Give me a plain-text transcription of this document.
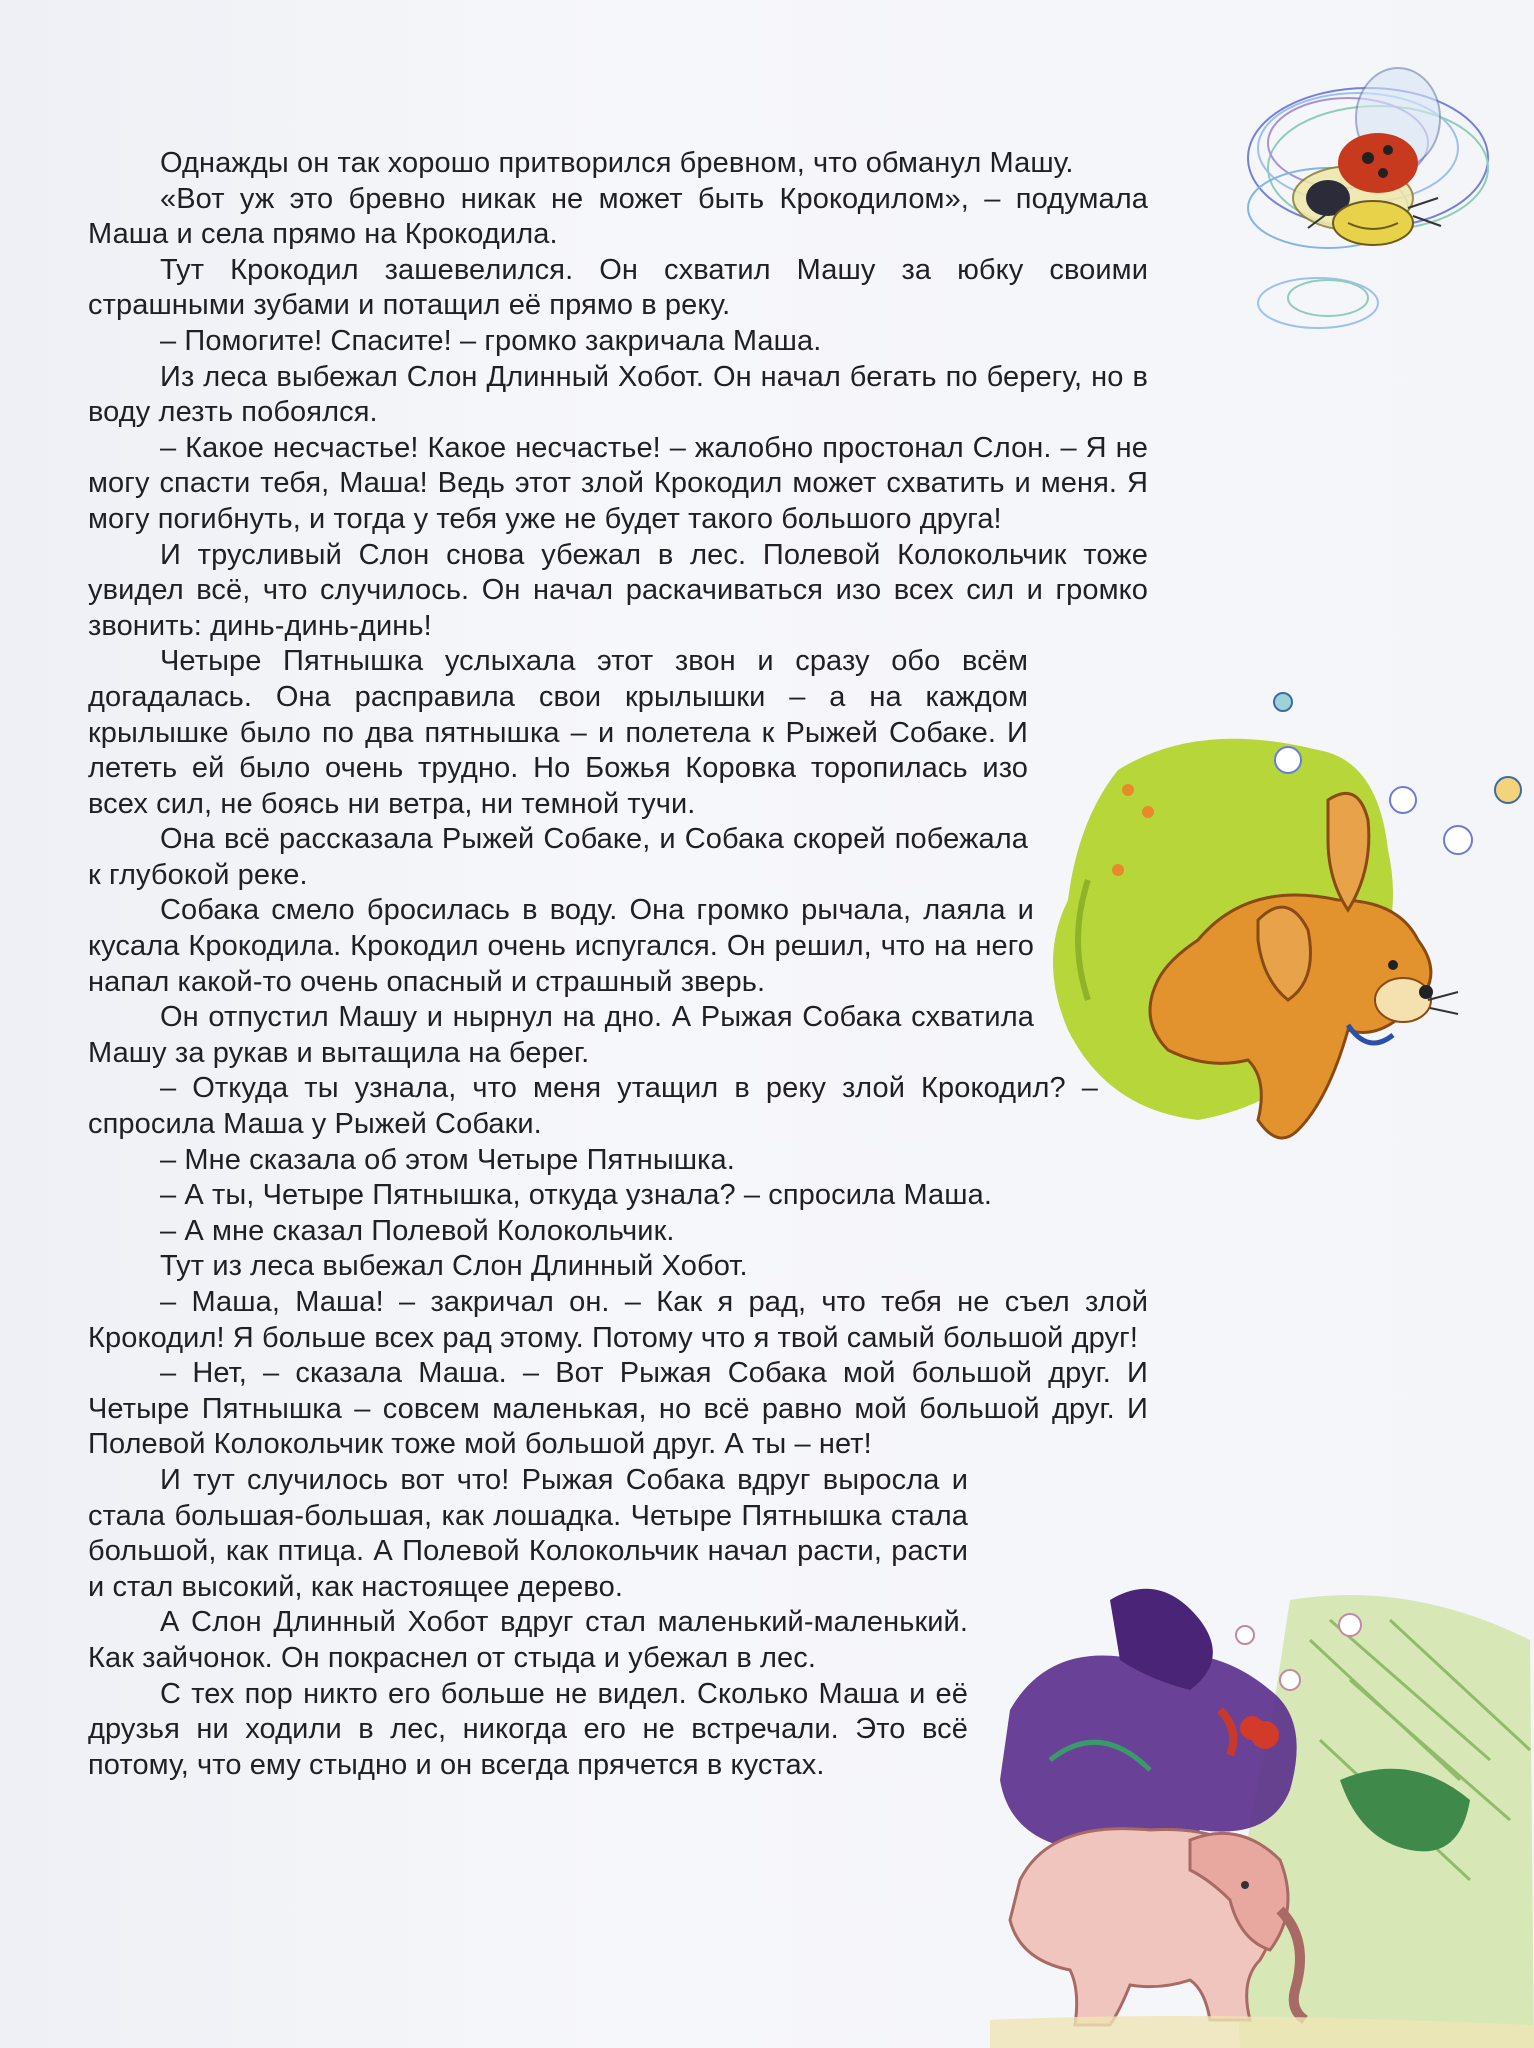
Однажды он так хорошо притворился бревном, что обманул Машу.

«Вот уж это бревно никак не может быть Крокодилом», – подумала Маша и села прямо на Крокодила.

Тут Крокодил зашевелился. Он схватил Машу за юбку своими страшными зубами и потащил её прямо в реку.

– Помогите! Спасите! – громко закричала Маша.

Из леса выбежал Слон Длинный Хобот. Он начал бегать по берегу, но в воду лезть побоялся.

– Какое несчастье! Какое несчастье! – жалобно простонал Слон. – Я не могу спасти тебя, Маша! Ведь этот злой Крокодил может схватить и меня. Я могу погибнуть, и тогда у тебя уже не будет такого большого друга!

И трусливый Слон снова убежал в лес. Полевой Колокольчик тоже увидел всё, что случилось. Он начал раскачиваться изо всех сил и громко звонить: динь-динь-динь!

Четыре Пятнышка услыхала этот звон и сразу обо всём догадалась. Она расправила свои крылышки – а на каждом крылышке было по два пятнышка – и полетела к Рыжей Собаке. И лететь ей было очень трудно. Но Божья Коровка торопилась изо всех сил, не боясь ни ветра, ни темной тучи.

Она всё рассказала Рыжей Собаке, и Собака скорей побежала к глубокой реке.

Собака смело бросилась в воду. Она громко рычала, лаяла и кусала Крокодила. Крокодил очень испугался. Он решил, что на него напал какой-то очень опасный и страшный зверь.

Он отпустил Машу и нырнул на дно. А Рыжая Собака схватила Машу за рукав и вытащила на берег.

– Откуда ты узнала, что меня утащил в реку злой Крокодил? – спросила Маша у Рыжей Собаки.

– Мне сказала об этом Четыре Пятнышка.

– А ты, Четыре Пятнышка, откуда узнала? – спросила Маша.

– А мне сказал Полевой Колокольчик.

Тут из леса выбежал Слон Длинный Хобот.

– Маша, Маша! – закричал он. – Как я рад, что тебя не съел злой Крокодил! Я больше всех рад этому. Потому что я твой самый большой друг!

– Нет, – сказала Маша. – Вот Рыжая Собака мой большой друг. И Четыре Пятнышка – совсем маленькая, но всё равно мой большой друг. И Полевой Колокольчик тоже мой большой друг. А ты – нет!

И тут случилось вот что! Рыжая Собака вдруг выросла и стала большая-большая, как лошадка. Четыре Пятнышка стала большой, как птица. А Полевой Колокольчик начал расти, расти и стал высокий, как настоящее дерево.

А Слон Длинный Хобот вдруг стал маленький-маленький. Как зайчонок. Он покраснел от стыда и убежал в лес.

С тех пор никто его больше не видел. Сколько Маша и её друзья ни ходили в лес, никогда его не встречали. Это всё потому, что ему стыдно и он всегда прячется в кустах.
